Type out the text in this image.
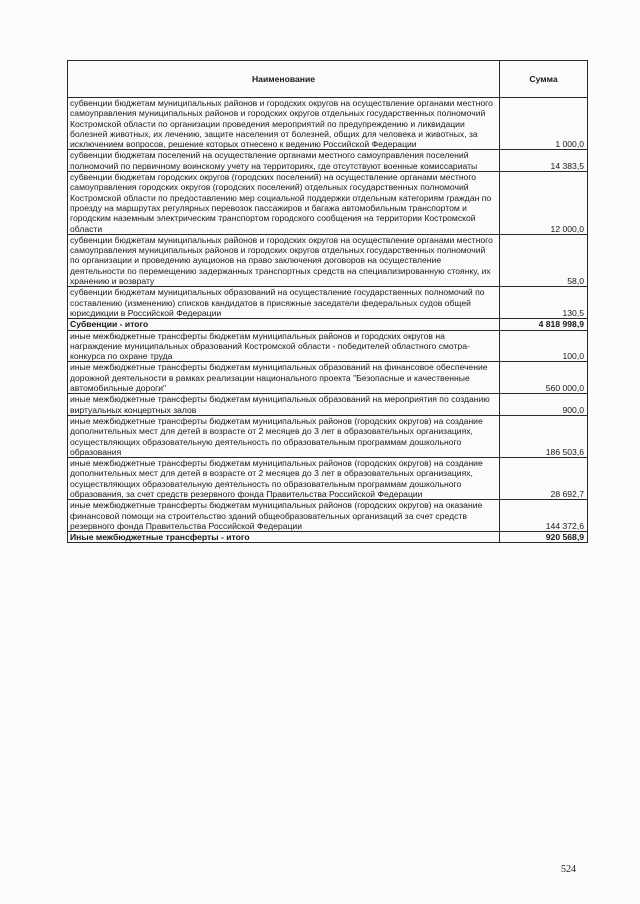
Наименование	Сумма
субвенции бюджетам муниципальных районов и городских округов на осуществление органами местного самоуправления муниципальных районов и городских округов отдельных государственных полномочий Костромской области по организации проведения мероприятий по предупреждению и ликвидации болезней животных, их лечению, защите населения от болезней, общих для человека и животных, за исключением вопросов, решение которых отнесено к ведению Российской Федерации	1 000,0
субвенции бюджетам поселений на осуществление органами местного самоуправления поселений полномочий по первичному воинскому учету на территориях, где отсутствуют военные комиссариаты	14 383,5
субвенции бюджетам городских округов (городских поселений) на осуществление органами местного самоуправления городских округов (городских поселений) отдельных государственных полномочий Костромской области по предоставлению мер социальной поддержки отдельным категориям граждан по проезду на маршрутах регулярных перевозок пассажиров и багажа автомобильным транспортом и городским наземным электрическим транспортом городского сообщения на территории Костромской области	12 000,0
субвенции бюджетам муниципальных районов и городских округов на осуществление органами местного самоуправления муниципальных районов и городских округов отдельных государственных полномочий по организации и проведению аукционов на право заключения договоров на осуществление деятельности по перемещению задержанных транспортных средств на специализированную стоянку, их хранению и возврату	58,0
субвенции бюджетам муниципальных образований на осуществление государственных полномочий по составлению (изменению) списков кандидатов в присяжные заседатели федеральных судов общей юрисдикции в Российской Федерации	130,5
Субвенции - итого	4 818 998,9
иные межбюджетные трансферты бюджетам муниципальных районов и городских округов на награждение муниципальных образований Костромской области - победителей областного смотра-конкурса по охране труда	100,0
иные межбюджетные трансферты бюджетам муниципальных образований на финансовое обеспечение дорожной деятельности в рамках реализации национального проекта "Безопасные и качественные автомобильные дороги"	560 000,0
иные межбюджетные трансферты бюджетам муниципальных образований на мероприятия по созданию виртуальных концертных залов	900,0
иные межбюджетные трансферты бюджетам муниципальных районов (городских округов) на создание дополнительных мест для детей в возрасте от 2 месяцев до 3 лет в образовательных организациях, осуществляющих образовательную деятельность по образовательным программам дошкольного образования	186 503,6
иные межбюджетные трансферты бюджетам муниципальных районов (городских округов) на создание дополнительных мест для детей в возрасте от 2 месяцев до 3 лет в образовательных организациях, осуществляющих образовательную деятельность по образовательным программам дошкольного образования, за счет средств резервного фонда Правительства Российской Федерации	28 692,7
иные межбюджетные трансферты бюджетам муниципальных районов (городских округов) на оказание финансовой помощи на строительство зданий общеобразовательных организаций за счет средств резервного фонда Правительства Российской Федерации	144 372,6
Иные межбюджетные трансферты - итого	920 568,9
524
